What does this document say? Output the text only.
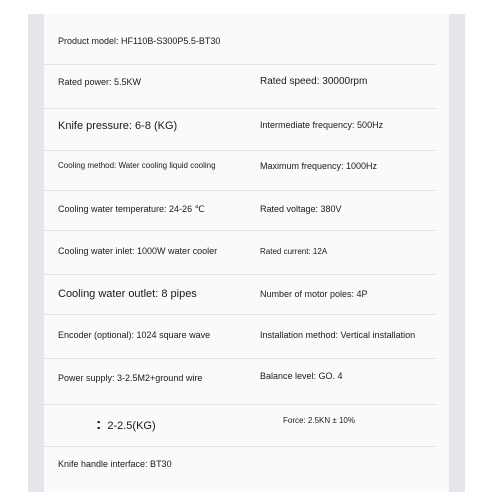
Product model: HF110B-S300P5.5-BT30
Rated power: 5.5KW	Rated speed: 30000rpm
Knife pressure: 6-8 (KG)	Intermediate frequency: 500Hz
Cooling method: Water cooling liquid cooling	Maximum frequency: 1000Hz
Cooling water temperature: 24-26 ℃	Rated voltage: 380V
Cooling water inlet: 1000W water cooler	Rated current: 12A
Cooling water outlet: 8 pipes	Number of motor poles: 4P
Encoder (optional): 1024 square wave	Installation method: Vertical installation
Power supply: 3-2.5M2+ground wire	Balance level: GO. 4
: 2-2.5(KG)	Force: 2.5KN ± 10%
Knife handle interface: BT30
